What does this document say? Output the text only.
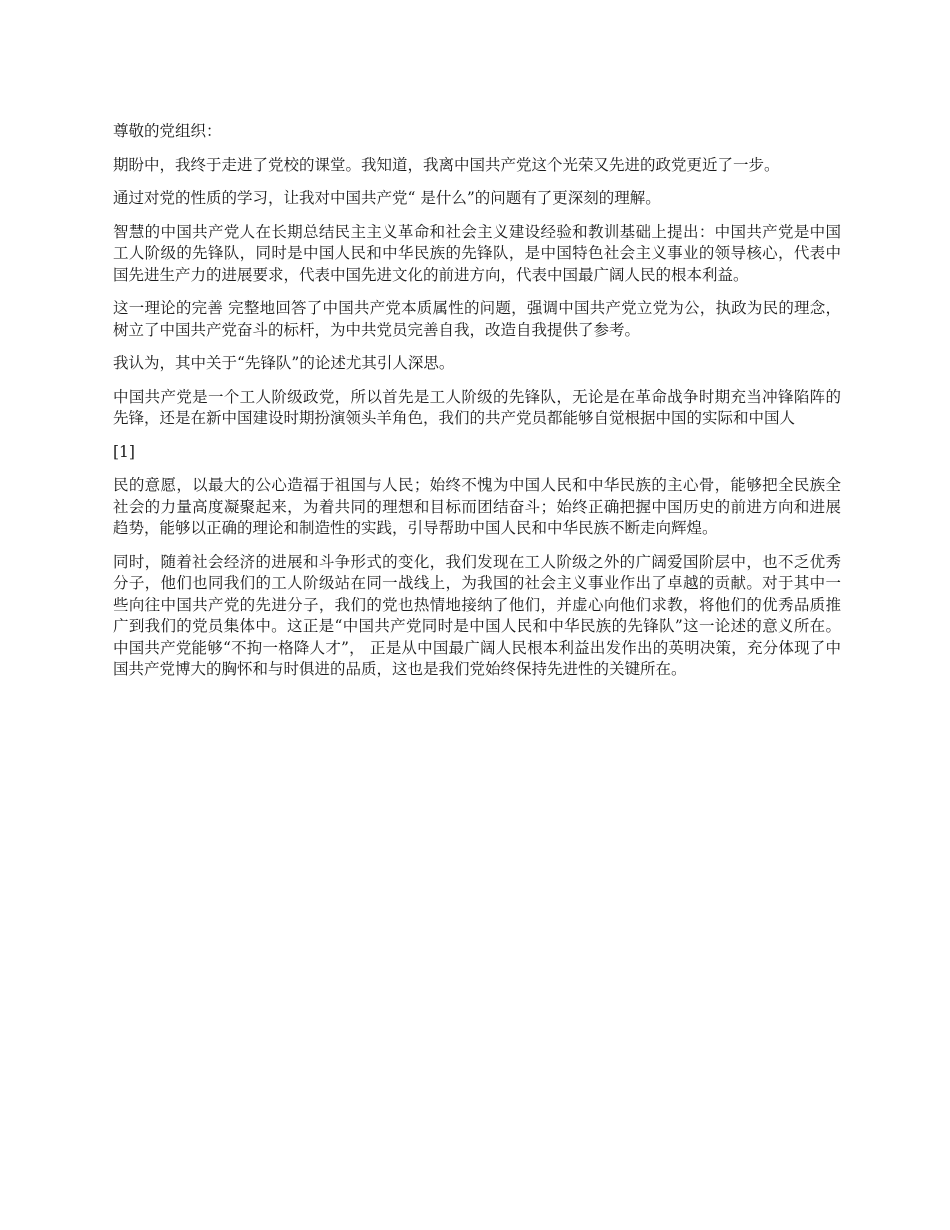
尊敬的党组织：

期盼中，我终于走进了党校的课堂。我知道，我离中国共产党这个光荣又先进的政党更近了一步。

通过对党的性质的学习，让我对中国共产党“ 是什么”的问题有了更深刻的理解。

智慧的中国共产党人在长期总结民主主义革命和社会主义建设经验和教训基础上提出：中国共产党是中国工人阶级的先锋队，同时是中国人民和中华民族的先锋队，是中国特色社会主义事业的领导核心，代表中国先进生产力的进展要求，代表中国先进文化的前进方向，代表中国最广阔人民的根本利益。

这一理论的完善 完整地回答了中国共产党本质属性的问题，强调中国共产党立党为公，执政为民的理念，树立了中国共产党奋斗的标杆，为中共党员完善自我，改造自我提供了参考。

我认为，其中关于“先锋队”的论述尤其引人深思。

中国共产党是一个工人阶级政党，所以首先是工人阶级的先锋队，无论是在革命战争时期充当冲锋陷阵的先锋，还是在新中国建设时期扮演领头羊角色，我们的共产党员都能够自觉根据中国的实际和中国人

[1]

民的意愿，以最大的公心造福于祖国与人民；始终不愧为中国人民和中华民族的主心骨，能够把全民族全社会的力量高度凝聚起来，为着共同的理想和目标而团结奋斗；始终正确把握中国历史的前进方向和进展趋势，能够以正确的理论和制造性的实践，引导帮助中国人民和中华民族不断走向辉煌。

同时，随着社会经济的进展和斗争形式的变化，我们发现在工人阶级之外的广阔爱国阶层中，也不乏优秀分子，他们也同我们的工人阶级站在同一战线上，为我国的社会主义事业作出了卓越的贡献。对于其中一些向往中国共产党的先进分子，我们的党也热情地接纳了他们，并虚心向他们求教，将他们的优秀品质推广到我们的党员集体中。这正是“中国共产党同时是中国人民和中华民族的先锋队”这一论述的意义所在。中国共产党能够“不拘一格降人才”， 正是从中国最广阔人民根本利益出发作出的英明决策，充分体现了中国共产党博大的胸怀和与时俱进的品质，这也是我们党始终保持先进性的关键所在。
